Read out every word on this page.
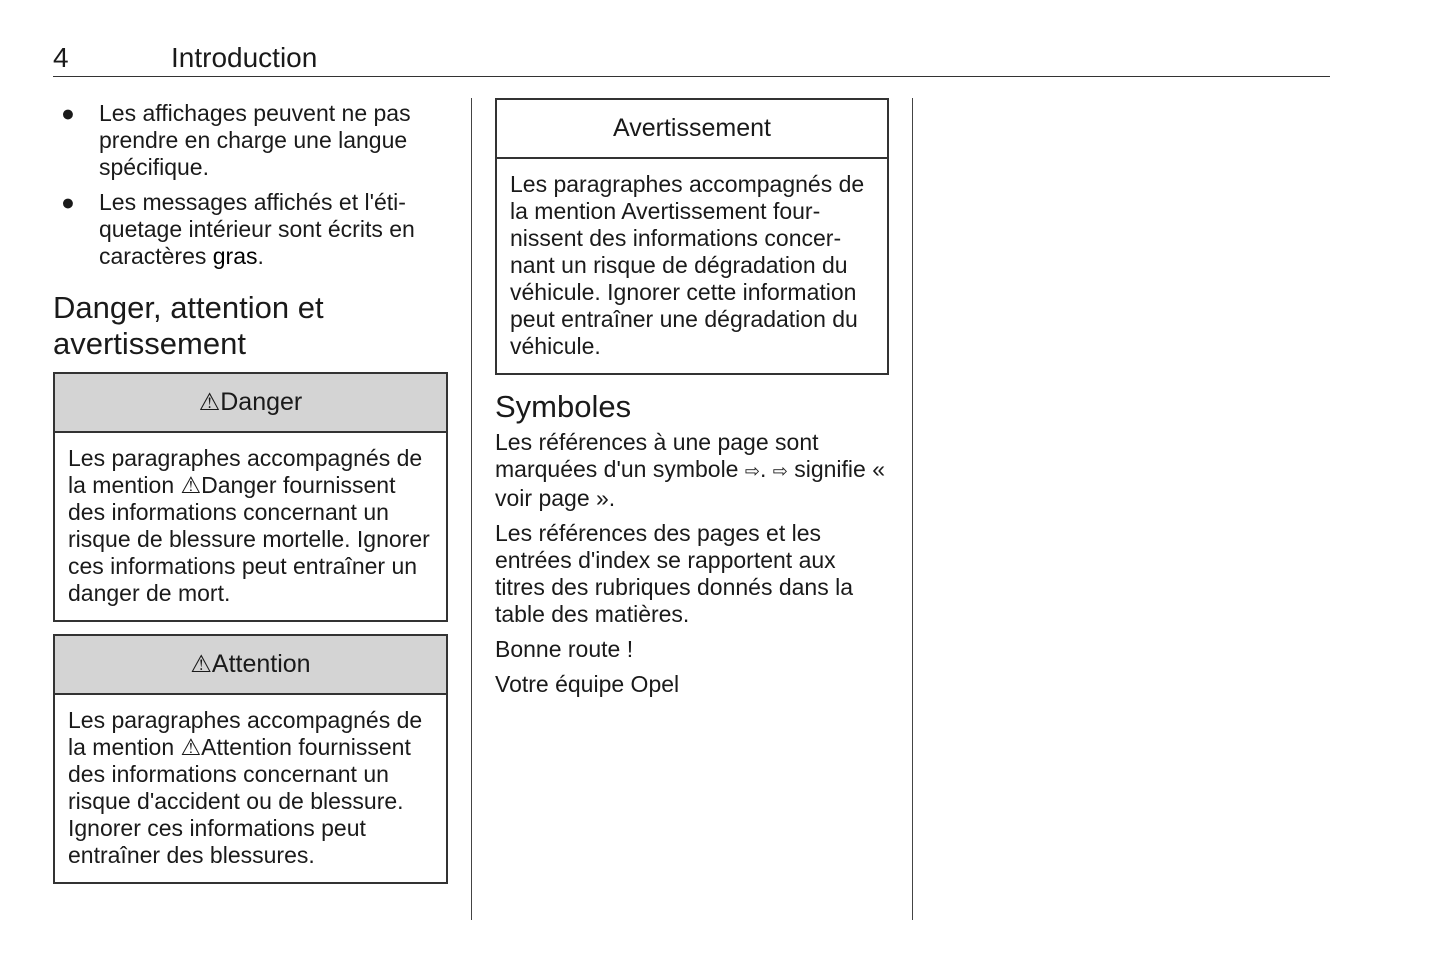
4	Introduction
● Les affichages peuvent ne pas prendre en charge une langue spécifique.
● Les messages affichés et l'étiquetage intérieur sont écrits en caractères gras.
Danger, attention et avertissement
⚠ Danger
Les paragraphes accompagnés de la mention ⚠Danger fournissent des informations concernant un risque de blessure mortelle. Ignorer ces informations peut entraîner un danger de mort.
⚠ Attention
Les paragraphes accompagnés de la mention ⚠Attention fournissent des informations concernant un risque d'accident ou de blessure. Ignorer ces informations peut entraîner des blessures.
Avertissement
Les paragraphes accompagnés de la mention Avertissement fournissent des informations concernant un risque de dégradation du véhicule. Ignorer cette information peut entraîner une dégradation du véhicule.
Symboles

Les références à une page sont marquées d'un symbole ⇨. ⇨ signifie « voir page ».

Les références des pages et les entrées d'index se rapportent aux titres des rubriques donnés dans la table des matières.

Bonne route !

Votre équipe Opel
